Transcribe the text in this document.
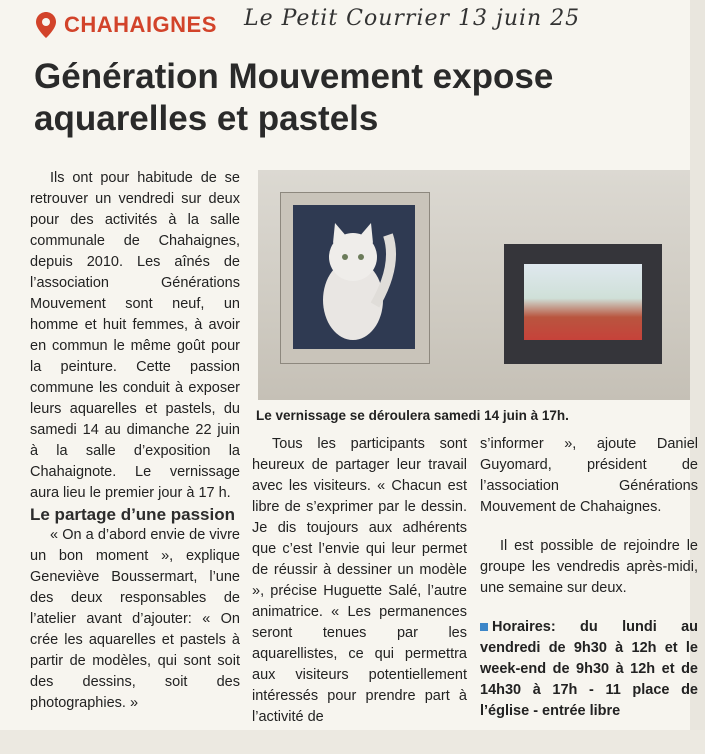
CHAHAIGNES Le Petit Courrier 13 juin 25
Génération Mouvement expose aquarelles et pastels

Ils ont pour habitude de se retrouver un vendredi sur deux pour des activités à la salle communale de Chahaignes, depuis 2010. Les aînés de l’association Générations Mouvement sont neuf, un homme et huit femmes, à avoir en commun le même goût pour la peinture. Cette passion commune les conduit à exposer leurs aquarelles et pastels, du samedi 14 au dimanche 22 juin à la salle d’exposition la Chahaignote. Le vernissage aura lieu le premier jour à 17 h.

Le partage d’une passion

« On a d’abord envie de vivre un bon moment », explique Geneviève Boussermart, l’une des deux responsables de l’atelier avant d’ajouter: « On crée les aquarelles et pastels à partir de modèles, qui sont soit des dessins, soit des photographies. »

Le vernissage se déroulera samedi 14 juin à 17h.

Tous les participants sont heureux de partager leur travail avec les visiteurs. « Chacun est libre de s’exprimer par le dessin. Je dis toujours aux adhérents que c’est l’envie qui leur permet de réussir à dessiner un modèle », précise Huguette Salé, l’autre animatrice. « Les permanences seront tenues par les aquarellistes, ce qui permettra aux visiteurs potentiellement intéressés pour prendre part à l’activité de

s’informer », ajoute Daniel Guyomard, président de l’association Générations Mouvement de Chahaignes.

Il est possible de rejoindre le groupe les vendredis après-midi, une semaine sur deux.

Horaires: du lundi au vendredi de 9h30 à 12h et le week-end de 9h30 à 12h et de 14h30 à 17h - 11 place de l’église - entrée libre
